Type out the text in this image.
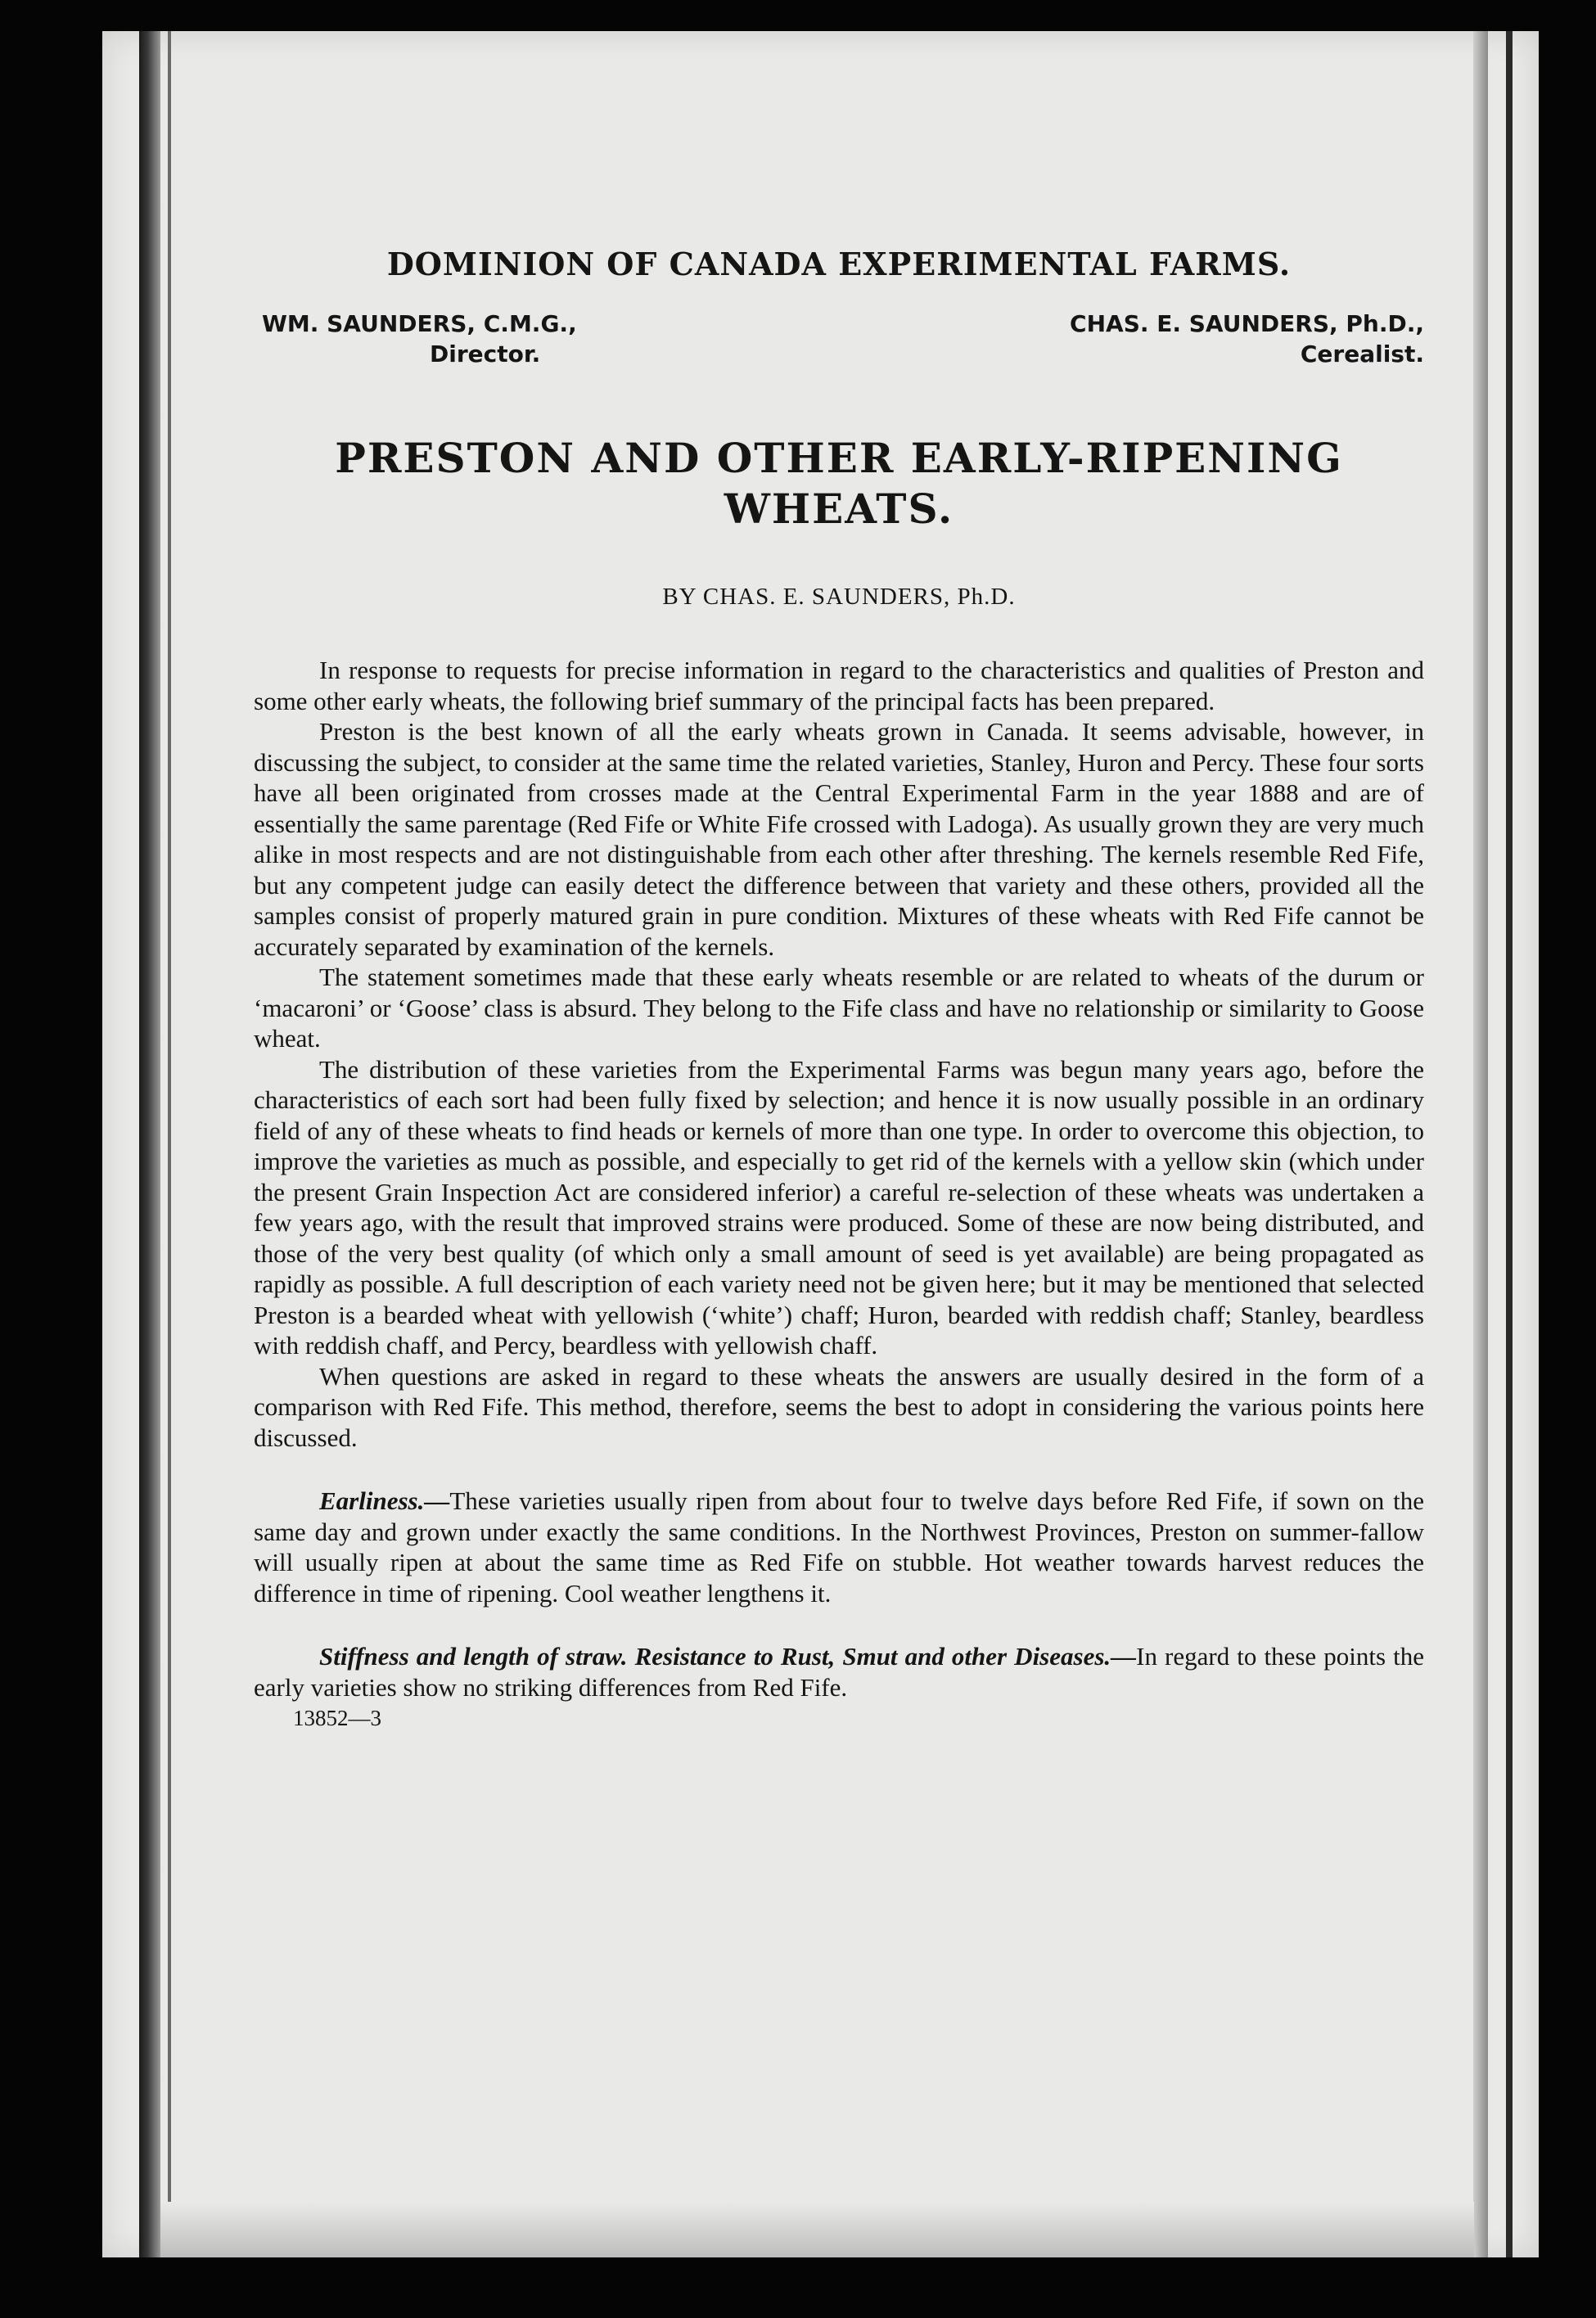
DOMINION OF CANADA EXPERIMENTAL FARMS.
WM. SAUNDERS, C.M.G.,
Director.
CHAS. E. SAUNDERS, Ph.D.,
Cerealist.
PRESTON AND OTHER EARLY-RIPENING
WHEATS.
BY CHAS. E. SAUNDERS, Ph.D.

In response to requests for precise information in regard to the characteristics and qualities of Preston and some other early wheats, the following brief summary of the principal facts has been prepared.

Preston is the best known of all the early wheats grown in Canada. It seems advisable, however, in discussing the subject, to consider at the same time the related varieties, Stanley, Huron and Percy. These four sorts have all been originated from crosses made at the Central Experimental Farm in the year 1888 and are of essentially the same parentage (Red Fife or White Fife crossed with Ladoga). As usually grown they are very much alike in most respects and are not distinguishable from each other after threshing. The kernels resemble Red Fife, but any competent judge can easily detect the difference between that variety and these others, provided all the samples consist of properly matured grain in pure condition. Mixtures of these wheats with Red Fife cannot be accurately separated by examination of the kernels.

The statement sometimes made that these early wheats resemble or are related to wheats of the durum or ‘macaroni’ or ‘Goose’ class is absurd. They belong to the Fife class and have no relationship or similarity to Goose wheat.

The distribution of these varieties from the Experimental Farms was begun many years ago, before the characteristics of each sort had been fully fixed by selection; and hence it is now usually possible in an ordinary field of any of these wheats to find heads or kernels of more than one type. In order to overcome this objection, to improve the varieties as much as possible, and especially to get rid of the kernels with a yellow skin (which under the present Grain Inspection Act are considered inferior) a careful re-selection of these wheats was undertaken a few years ago, with the result that improved strains were produced. Some of these are now being distributed, and those of the very best quality (of which only a small amount of seed is yet available) are being propagated as rapidly as possible. A full description of each variety need not be given here; but it may be mentioned that selected Preston is a bearded wheat with yellowish (‘white’) chaff; Huron, bearded with reddish chaff; Stanley, beardless with reddish chaff, and Percy, beardless with yellowish chaff.

When questions are asked in regard to these wheats the answers are usually desired in the form of a comparison with Red Fife. This method, therefore, seems the best to adopt in considering the various points here discussed.

Earliness.—These varieties usually ripen from about four to twelve days before Red Fife, if sown on the same day and grown under exactly the same conditions. In the Northwest Provinces, Preston on summer-fallow will usually ripen at about the same time as Red Fife on stubble. Hot weather towards harvest reduces the difference in time of ripening. Cool weather lengthens it.

Stiffness and length of straw. Resistance to Rust, Smut and other Diseases.—In regard to these points the early varieties show no striking differences from Red Fife.

13852—3
